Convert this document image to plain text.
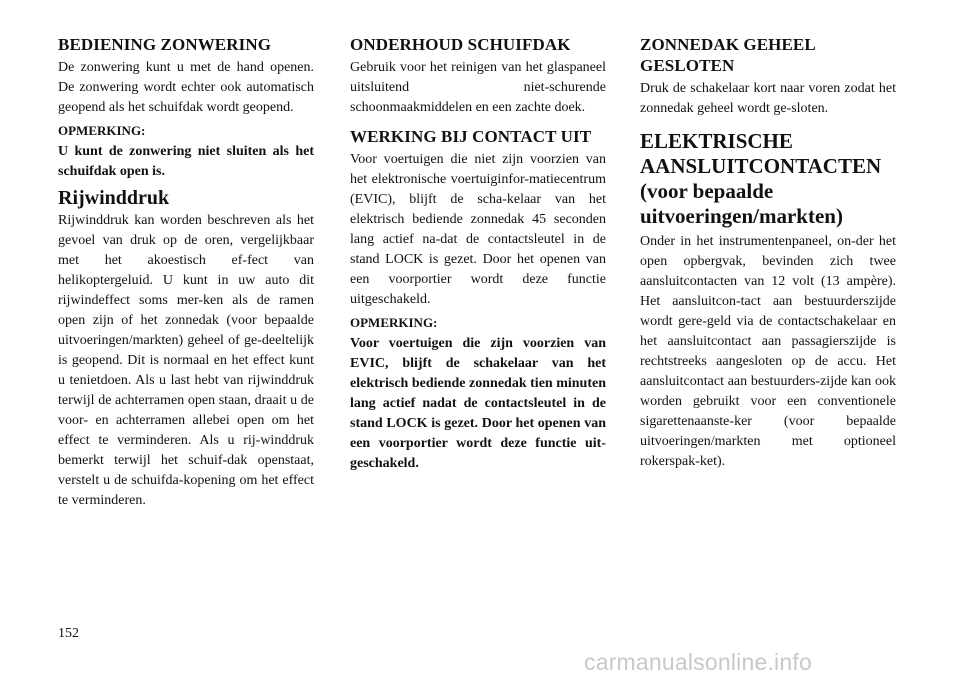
BEDIENING ZONWERING

De zonwering kunt u met de hand openen. De zonwering wordt echter ook automatisch geopend als het schuifdak wordt geopend.

OPMERKING:

U kunt de zonwering niet sluiten als het schuifdak open is.

Rijwinddruk

Rijwinddruk kan worden beschreven als het gevoel van druk op de oren, vergelijkbaar met het akoestisch ef-fect van helikoptergeluid. U kunt in uw auto dit rijwindeffect soms mer-ken als de ramen open zijn of het zonnedak (voor bepaalde uitvoeringen/markten) geheel of ge-deeltelijk is geopend. Dit is normaal en het effect kunt u tenietdoen. Als u last hebt van rijwinddruk terwijl de achterramen open staan, draait u de voor- en achterramen allebei open om het effect te verminderen. Als u rij-winddruk bemerkt terwijl het schuif-dak openstaat, verstelt u de schuifda-kopening om het effect te verminderen.

ONDERHOUD SCHUIFDAK

Gebruik voor het reinigen van het glaspaneel uitsluitend niet-schurende schoonmaakmiddelen en een zachte doek.

WERKING BIJ CONTACT UIT

Voor voertuigen die niet zijn voorzien van het elektronische voertuiginfor-matiecentrum (EVIC), blijft de scha-kelaar van het elektrisch bediende zonnedak 45 seconden lang actief na-dat de contactsleutel in de stand LOCK is gezet. Door het openen van een voorportier wordt deze functie uitgeschakeld.

OPMERKING:

Voor voertuigen die zijn voorzien van EVIC, blijft de schakelaar van het elektrisch bediende zonnedak tien minuten lang actief nadat de contactsleutel in de stand LOCK is gezet. Door het openen van een voorportier wordt deze functie uit-geschakeld.

ZONNEDAK GEHEEL GESLOTEN

Druk de schakelaar kort naar voren zodat het zonnedak geheel wordt ge-sloten.

ELEKTRISCHE AANSLUITCONTACTEN (voor bepaalde uitvoeringen/markten)

Onder in het instrumentenpaneel, on-der het open opbergvak, bevinden zich twee aansluitcontacten van 12 volt (13 ampère). Het aansluitcon-tact aan bestuurderszijde wordt gere-geld via de contactschakelaar en het aansluitcontact aan passagierszijde is rechtstreeks aangesloten op de accu. Het aansluitcontact aan bestuurders-zijde kan ook worden gebruikt voor een conventionele sigarettenaanste-ker (voor bepaalde uitvoeringen/markten met optioneel rokerspak-ket).

152
carmanualsonline.info
